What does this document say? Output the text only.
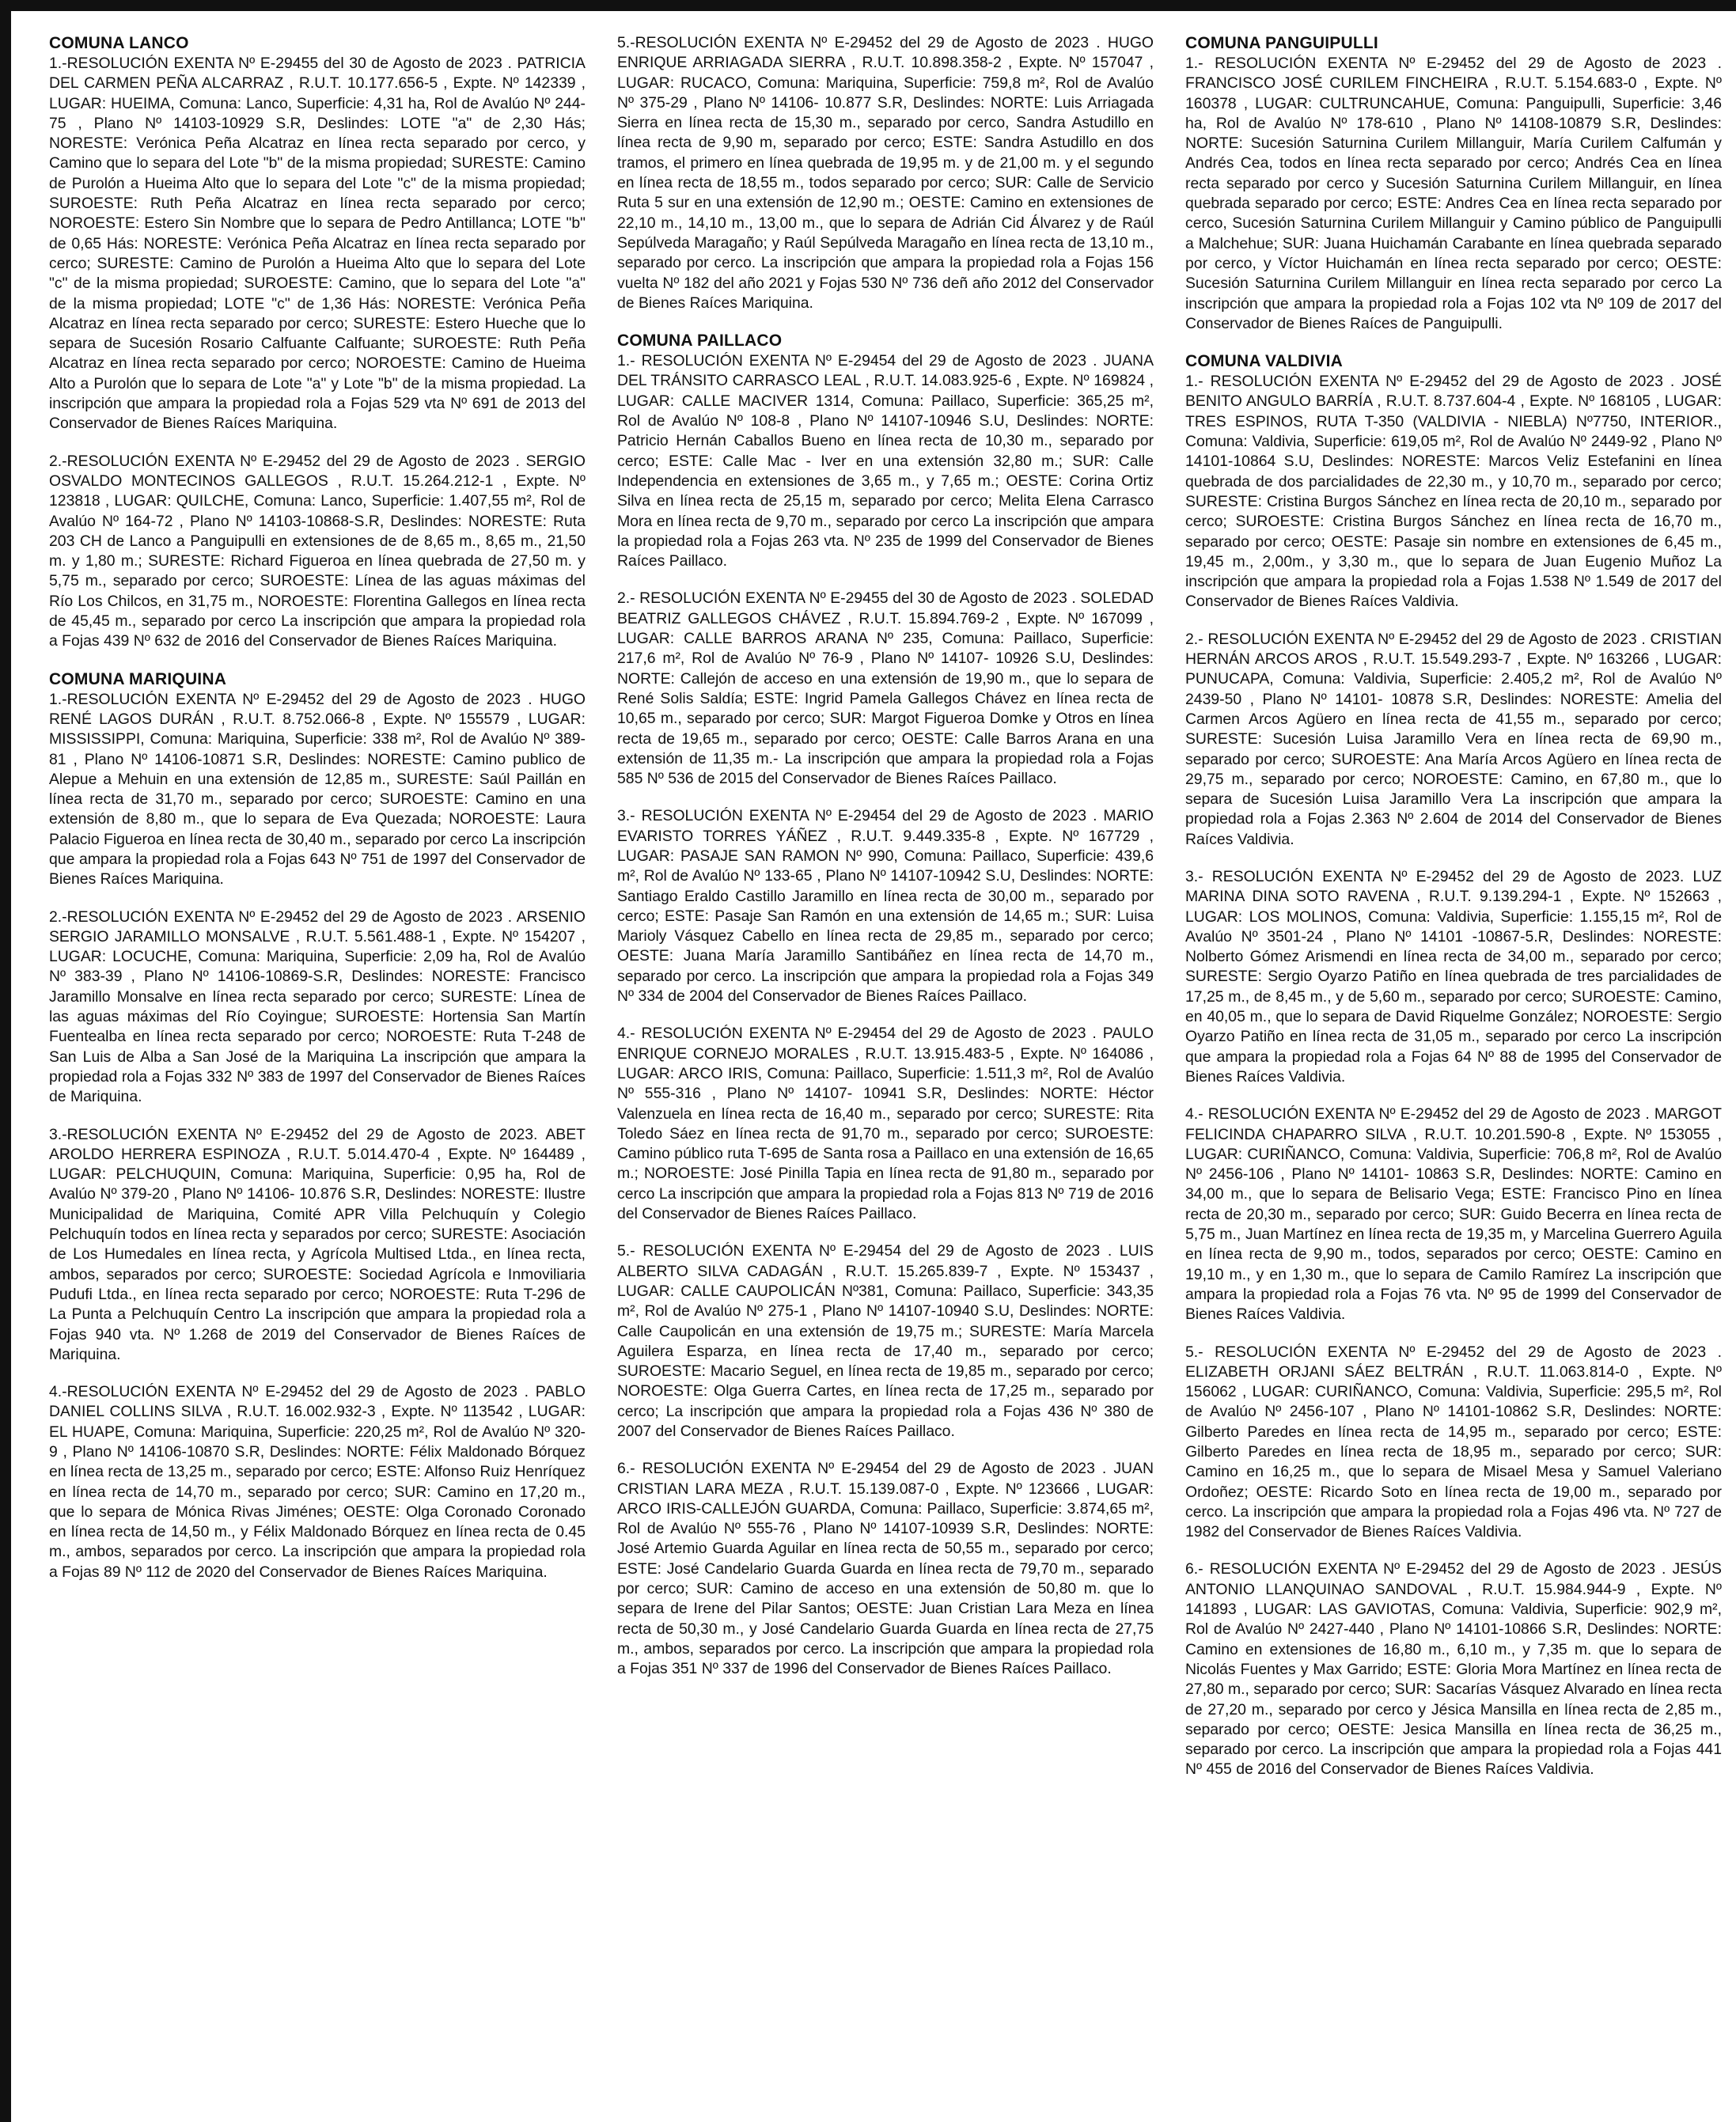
COMUNA LANCO

1.-RESOLUCIÓN EXENTA Nº E-29455 del 30 de Agosto de 2023 . PATRICIA DEL CARMEN PEÑA ALCARRAZ , R.U.T. 10.177.656-5 , Expte. Nº 142339 , LUGAR: HUEIMA, Comuna: Lanco, Superficie: 4,31 ha, Rol de Avalúo Nº 244-75 , Plano Nº 14103-10929 S.R, Deslindes: LOTE "a" de 2,30 Hás; NORESTE: Verónica Peña Alcatraz en línea recta separado por cerco, y Camino que lo separa del Lote "b" de la misma propiedad; SURESTE: Camino de Purolón a Hueima Alto que lo separa del Lote "c" de la misma propiedad; SUROESTE: Ruth Peña Alcatraz en línea recta separado por cerco; NOROESTE: Estero Sin Nombre que lo separa de Pedro Antillanca; LOTE "b" de 0,65 Hás: NORESTE: Verónica Peña Alcatraz en línea recta separado por cerco; SURESTE: Camino de Purolón a Hueima Alto que lo separa del Lote "c" de la misma propiedad; SUROESTE: Camino, que lo separa del Lote "a" de la misma propiedad; LOTE "c" de 1,36 Hás: NORESTE: Verónica Peña Alcatraz en línea recta separado por cerco; SURESTE: Estero Hueche que lo separa de Sucesión Rosario Calfuante Calfuante; SUROESTE: Ruth Peña Alcatraz en línea recta separado por cerco; NOROESTE: Camino de Hueima Alto a Purolón que lo separa de Lote "a" y Lote "b" de la misma propiedad. La inscripción que ampara la propiedad rola a Fojas 529 vta Nº 691 de 2013 del Conservador de Bienes Raíces Mariquina.

2.-RESOLUCIÓN EXENTA Nº E-29452 del 29 de Agosto de 2023 . SERGIO OSVALDO MONTECINOS GALLEGOS , R.U.T. 15.264.212-1 , Expte. Nº 123818 , LUGAR: QUILCHE, Comuna: Lanco, Superficie: 1.407,55 m², Rol de Avalúo Nº 164-72 , Plano Nº 14103-10868-S.R, Deslindes: NORESTE: Ruta 203 CH de Lanco a Panguipulli en extensiones de de 8,65 m., 8,65 m., 21,50 m. y 1,80 m.; SURESTE: Richard Figueroa en línea quebrada de 27,50 m. y 5,75 m., separado por cerco; SUROESTE: Línea de las aguas máximas del Río Los Chilcos, en 31,75 m., NOROESTE: Florentina Gallegos en línea recta de 45,45 m., separado por cerco La inscripción que ampara la propiedad rola a Fojas 439 Nº 632 de 2016 del Conservador de Bienes Raíces Mariquina.

COMUNA MARIQUINA

1.-RESOLUCIÓN EXENTA Nº E-29452 del 29 de Agosto de 2023 . HUGO RENÉ LAGOS DURÁN , R.U.T. 8.752.066-8 , Expte. Nº 155579 , LUGAR: MISSISSIPPI, Comuna: Mariquina, Superficie: 338 m², Rol de Avalúo Nº 389-81 , Plano Nº 14106-10871 S.R, Deslindes: NORESTE: Camino publico de Alepue a Mehuin en una extensión de 12,85 m., SURESTE: Saúl Paillán en línea recta de 31,70 m., separado por cerco; SUROESTE: Camino en una extensión de 8,80 m., que lo separa de Eva Quezada; NOROESTE: Laura Palacio Figueroa en línea recta de 30,40 m., separado por cerco La inscripción que ampara la propiedad rola a Fojas 643 Nº 751 de 1997 del Conservador de Bienes Raíces Mariquina.

2.-RESOLUCIÓN EXENTA Nº E-29452 del 29 de Agosto de 2023 . ARSENIO SERGIO JARAMILLO MONSALVE , R.U.T. 5.561.488-1 , Expte. Nº 154207 , LUGAR: LOCUCHE, Comuna: Mariquina, Superficie: 2,09 ha, Rol de Avalúo Nº 383-39 , Plano Nº 14106-10869-S.R, Deslindes: NORESTE: Francisco Jaramillo Monsalve en línea recta separado por cerco; SURESTE: Línea de las aguas máximas del Río Coyingue; SUROESTE: Hortensia San Martín Fuentealba en línea recta separado por cerco; NOROESTE: Ruta T-248 de San Luis de Alba a San José de la Mariquina La inscripción que ampara la propiedad rola a Fojas 332 Nº 383 de 1997 del Conservador de Bienes Raíces de Mariquina.

3.-RESOLUCIÓN EXENTA Nº E-29452 del 29 de Agosto de 2023. ABET AROLDO HERRERA ESPINOZA , R.U.T. 5.014.470-4 , Expte. Nº 164489 , LUGAR: PELCHUQUIN, Comuna: Mariquina, Superficie: 0,95 ha, Rol de Avalúo Nº 379-20 , Plano Nº 14106- 10.876 S.R, Deslindes: NORESTE: Ilustre Municipalidad de Mariquina, Comité APR Villa Pelchuquín y Colegio Pelchuquín todos en línea recta y separados por cerco; SURESTE: Asociación de Los Humedales en línea recta, y Agrícola Multised Ltda., en línea recta, ambos, separados por cerco; SUROESTE: Sociedad Agrícola e Inmoviliaria Pudufi Ltda., en línea recta separado por cerco; NOROESTE: Ruta T-296 de La Punta a Pelchuquín Centro La inscripción que ampara la propiedad rola a Fojas 940 vta. Nº 1.268 de 2019 del Conservador de Bienes Raíces de Mariquina.

4.-RESOLUCIÓN EXENTA Nº E-29452 del 29 de Agosto de 2023 . PABLO DANIEL COLLINS SILVA , R.U.T. 16.002.932-3 , Expte. Nº 113542 , LUGAR: EL HUAPE, Comuna: Mariquina, Superficie: 220,25 m², Rol de Avalúo Nº 320-9 , Plano Nº 14106-10870 S.R, Deslindes: NORTE: Félix Maldonado Bórquez en línea recta de 13,25 m., separado por cerco; ESTE: Alfonso Ruiz Henríquez en línea recta de 14,70 m., separado por cerco; SUR: Camino en 17,20 m., que lo separa de Mónica Rivas Jiménes; OESTE: Olga Coronado Coronado en línea recta de 14,50 m., y Félix Maldonado Bórquez en línea recta de 0.45 m., ambos, separados por cerco. La inscripción que ampara la propiedad rola a Fojas 89 Nº 112 de 2020 del Conservador de Bienes Raíces Mariquina.

5.-RESOLUCIÓN EXENTA Nº E-29452 del 29 de Agosto de 2023 . HUGO ENRIQUE ARRIAGADA SIERRA , R.U.T. 10.898.358-2 , Expte. Nº 157047 , LUGAR: RUCACO, Comuna: Mariquina, Superficie: 759,8 m², Rol de Avalúo Nº 375-29 , Plano Nº 14106- 10.877 S.R, Deslindes: NORTE: Luis Arriagada Sierra en línea recta de 15,30 m., separado por cerco, Sandra Astudillo en línea recta de 9,90 m, separado por cerco; ESTE: Sandra Astudillo en dos tramos, el primero en línea quebrada de 19,95 m. y de 21,00 m. y el segundo en línea recta de 18,55 m., todos separado por cerco; SUR: Calle de Servicio Ruta 5 sur en una extensión de 12,90 m.; OESTE: Camino en extensiones de 22,10 m., 14,10 m., 13,00 m., que lo separa de Adrián Cid Álvarez y de Raúl Sepúlveda Maragaño; y Raúl Sepúlveda Maragaño en línea recta de 13,10 m., separado por cerco. La inscripción que ampara la propiedad rola a Fojas 156 vuelta Nº 182 del año 2021 y Fojas 530 Nº 736 deñ año 2012 del Conservador de Bienes Raíces Mariquina.

COMUNA PAILLACO

1.- RESOLUCIÓN EXENTA Nº E-29454 del 29 de Agosto de 2023 . JUANA DEL TRÁNSITO CARRASCO LEAL , R.U.T. 14.083.925-6 , Expte. Nº 169824 , LUGAR: CALLE MACIVER 1314, Comuna: Paillaco, Superficie: 365,25 m², Rol de Avalúo Nº 108-8 , Plano Nº 14107-10946 S.U, Deslindes: NORTE: Patricio Hernán Caballos Bueno en línea recta de 10,30 m., separado por cerco; ESTE: Calle Mac - Iver en una extensión 32,80 m.; SUR: Calle Independencia en extensiones de 3,65 m., y 7,65 m.; OESTE: Corina Ortiz Silva en línea recta de 25,15 m, separado por cerco; Melita Elena Carrasco Mora en línea recta de 9,70 m., separado por cerco La inscripción que ampara la propiedad rola a Fojas 263 vta. Nº 235 de 1999 del Conservador de Bienes Raíces Paillaco.

2.- RESOLUCIÓN EXENTA Nº E-29455 del 30 de Agosto de 2023 . SOLEDAD BEATRIZ GALLEGOS CHÁVEZ , R.U.T. 15.894.769-2 , Expte. Nº 167099 , LUGAR: CALLE BARROS ARANA Nº 235, Comuna: Paillaco, Superficie: 217,6 m², Rol de Avalúo Nº 76-9 , Plano Nº 14107- 10926 S.U, Deslindes: NORTE: Callejón de acceso en una extensión de 19,90 m., que lo separa de René Solis Saldía; ESTE: Ingrid Pamela Gallegos Chávez en línea recta de 10,65 m., separado por cerco; SUR: Margot Figueroa Domke y Otros en línea recta de 19,65 m., separado por cerco; OESTE: Calle Barros Arana en una extensión de 11,35 m.- La inscripción que ampara la propiedad rola a Fojas 585 Nº 536 de 2015 del Conservador de Bienes Raíces Paillaco.

3.- RESOLUCIÓN EXENTA Nº E-29454 del 29 de Agosto de 2023 . MARIO EVARISTO TORRES YÁÑEZ , R.U.T. 9.449.335-8 , Expte. Nº 167729 , LUGAR: PASAJE SAN RAMON Nº 990, Comuna: Paillaco, Superficie: 439,6 m², Rol de Avalúo Nº 133-65 , Plano Nº 14107-10942 S.U, Deslindes: NORTE: Santiago Eraldo Castillo Jaramillo en línea recta de 30,00 m., separado por cerco; ESTE: Pasaje San Ramón en una extensión de 14,65 m.; SUR: Luisa Marioly Vásquez Cabello en línea recta de 29,85 m., separado por cerco; OESTE: Juana María Jaramillo Santibáñez en línea recta de 14,70 m., separado por cerco. La inscripción que ampara la propiedad rola a Fojas 349 Nº 334 de 2004 del Conservador de Bienes Raíces Paillaco.

4.- RESOLUCIÓN EXENTA Nº E-29454 del 29 de Agosto de 2023 . PAULO ENRIQUE CORNEJO MORALES , R.U.T. 13.915.483-5 , Expte. Nº 164086 , LUGAR: ARCO IRIS, Comuna: Paillaco, Superficie: 1.511,3 m², Rol de Avalúo Nº 555-316 , Plano Nº 14107- 10941 S.R, Deslindes: NORTE: Héctor Valenzuela en línea recta de 16,40 m., separado por cerco; SURESTE: Rita Toledo Sáez en línea recta de 91,70 m., separado por cerco; SUROESTE: Camino público ruta T-695 de Santa rosa a Paillaco en una extensión de 16,65 m.; NOROESTE: José Pinilla Tapia en línea recta de 91,80 m., separado por cerco La inscripción que ampara la propiedad rola a Fojas 813 Nº 719 de 2016 del Conservador de Bienes Raíces Paillaco.

5.- RESOLUCIÓN EXENTA Nº E-29454 del 29 de Agosto de 2023 . LUIS ALBERTO SILVA CADAGÁN , R.U.T. 15.265.839-7 , Expte. Nº 153437 , LUGAR: CALLE CAUPOLICÁN Nº381, Comuna: Paillaco, Superficie: 343,35 m², Rol de Avalúo Nº 275-1 , Plano Nº 14107-10940 S.U, Deslindes: NORTE: Calle Caupolicán en una extensión de 19,75 m.; SURESTE: María Marcela Aguilera Esparza, en línea recta de 17,40 m., separado por cerco; SUROESTE: Macario Seguel, en línea recta de 19,85 m., separado por cerco; NOROESTE: Olga Guerra Cartes, en línea recta de 17,25 m., separado por cerco; La inscripción que ampara la propiedad rola a Fojas 436 Nº 380 de 2007 del Conservador de Bienes Raíces Paillaco.

6.- RESOLUCIÓN EXENTA Nº E-29454 del 29 de Agosto de 2023 . JUAN CRISTIAN LARA MEZA , R.U.T. 15.139.087-0 , Expte. Nº 123666 , LUGAR: ARCO IRIS-CALLEJÓN GUARDA, Comuna: Paillaco, Superficie: 3.874,65 m², Rol de Avalúo Nº 555-76 , Plano Nº 14107-10939 S.R, Deslindes: NORTE: José Artemio Guarda Aguilar en línea recta de 50,55 m., separado por cerco; ESTE: José Candelario Guarda Guarda en línea recta de 79,70 m., separado por cerco; SUR: Camino de acceso en una extensión de 50,80 m. que lo separa de Irene del Pilar Santos; OESTE: Juan Cristian Lara Meza en línea recta de 50,30 m., y José Candelario Guarda Guarda en línea recta de 27,75 m., ambos, separados por cerco. La inscripción que ampara la propiedad rola a Fojas 351 Nº 337 de 1996 del Conservador de Bienes Raíces Paillaco.

COMUNA PANGUIPULLI

1.- RESOLUCIÓN EXENTA Nº E-29452 del 29 de Agosto de 2023 . FRANCISCO JOSÉ CURILEM FINCHEIRA , R.U.T. 5.154.683-0 , Expte. Nº 160378 , LUGAR: CULTRUNCAHUE, Comuna: Panguipulli, Superficie: 3,46 ha, Rol de Avalúo Nº 178-610 , Plano Nº 14108-10879 S.R, Deslindes: NORTE: Sucesión Saturnina Curilem Millanguir, María Curilem Calfumán y Andrés Cea, todos en línea recta separado por cerco; Andrés Cea en línea recta separado por cerco y Sucesión Saturnina Curilem Millanguir, en línea quebrada separado por cerco; ESTE: Andres Cea en línea recta separado por cerco, Sucesión Saturnina Curilem Millanguir y Camino público de Panguipulli a Malchehue; SUR: Juana Huichamán Carabante en línea quebrada separado por cerco, y Víctor Huichamán en línea recta separado por cerco; OESTE: Sucesión Saturnina Curilem Millanguir en línea recta separado por cerco La inscripción que ampara la propiedad rola a Fojas 102 vta Nº 109 de 2017 del Conservador de Bienes Raíces de Panguipulli.

COMUNA VALDIVIA

1.- RESOLUCIÓN EXENTA Nº E-29452 del 29 de Agosto de 2023 . JOSÉ BENITO ANGULO BARRÍA , R.U.T. 8.737.604-4 , Expte. Nº 168105 , LUGAR: TRES ESPINOS, RUTA T-350 (VALDIVIA - NIEBLA) Nº7750, INTERIOR., Comuna: Valdivia, Superficie: 619,05 m², Rol de Avalúo Nº 2449-92 , Plano Nº 14101-10864 S.U, Deslindes: NORESTE: Marcos Veliz Estefanini en línea quebrada de dos parcialidades de 22,30 m., y 10,70 m., separado por cerco; SURESTE: Cristina Burgos Sánchez en línea recta de 20,10 m., separado por cerco; SUROESTE: Cristina Burgos Sánchez en línea recta de 16,70 m., separado por cerco; OESTE: Pasaje sin nombre en extensiones de 6,45 m., 19,45 m., 2,00m., y 3,30 m., que lo separa de Juan Eugenio Muñoz La inscripción que ampara la propiedad rola a Fojas 1.538 Nº 1.549 de 2017 del Conservador de Bienes Raíces Valdivia.

2.- RESOLUCIÓN EXENTA Nº E-29452 del 29 de Agosto de 2023 . CRISTIAN HERNÁN ARCOS AROS , R.U.T. 15.549.293-7 , Expte. Nº 163266 , LUGAR: PUNUCAPA, Comuna: Valdivia, Superficie: 2.405,2 m², Rol de Avalúo Nº 2439-50 , Plano Nº 14101- 10878 S.R, Deslindes: NORESTE: Amelia del Carmen Arcos Agüero en línea recta de 41,55 m., separado por cerco; SURESTE: Sucesión Luisa Jaramillo Vera en línea recta de 69,90 m., separado por cerco; SUROESTE: Ana María Arcos Agüero en línea recta de 29,75 m., separado por cerco; NOROESTE: Camino, en 67,80 m., que lo separa de Sucesión Luisa Jaramillo Vera La inscripción que ampara la propiedad rola a Fojas 2.363 Nº 2.604 de 2014 del Conservador de Bienes Raíces Valdivia.

3.- RESOLUCIÓN EXENTA Nº E-29452 del 29 de Agosto de 2023. LUZ MARINA DINA SOTO RAVENA , R.U.T. 9.139.294-1 , Expte. Nº 152663 , LUGAR: LOS MOLINOS, Comuna: Valdivia, Superficie: 1.155,15 m², Rol de Avalúo Nº 3501-24 , Plano Nº 14101 -10867-5.R, Deslindes: NORESTE: Nolberto Gómez Arismendi en línea recta de 34,00 m., separado por cerco; SURESTE: Sergio Oyarzo Patiño en línea quebrada de tres parcialidades de 17,25 m., de 8,45 m., y de 5,60 m., separado por cerco; SUROESTE: Camino, en 40,05 m., que lo separa de David Riquelme González; NOROESTE: Sergio Oyarzo Patiño en línea recta de 31,05 m., separado por cerco La inscripción que ampara la propiedad rola a Fojas 64 Nº 88 de 1995 del Conservador de Bienes Raíces Valdivia.

4.- RESOLUCIÓN EXENTA Nº E-29452 del 29 de Agosto de 2023 . MARGOT FELICINDA CHAPARRO SILVA , R.U.T. 10.201.590-8 , Expte. Nº 153055 , LUGAR: CURIÑANCO, Comuna: Valdivia, Superficie: 706,8 m², Rol de Avalúo Nº 2456-106 , Plano Nº 14101- 10863 S.R, Deslindes: NORTE: Camino en 34,00 m., que lo separa de Belisario Vega; ESTE: Francisco Pino en línea recta de 20,30 m., separado por cerco; SUR: Guido Becerra en línea recta de 5,75 m., Juan Martínez en línea recta de 19,35 m, y Marcelina Guerrero Aguila en línea recta de 9,90 m., todos, separados por cerco; OESTE: Camino en 19,10 m., y en 1,30 m., que lo separa de Camilo Ramírez La inscripción que ampara la propiedad rola a Fojas 76 vta. Nº 95 de 1999 del Conservador de Bienes Raíces Valdivia.

5.- RESOLUCIÓN EXENTA Nº E-29452 del 29 de Agosto de 2023 . ELIZABETH ORJANI SÁEZ BELTRÁN , R.U.T. 11.063.814-0 , Expte. Nº 156062 , LUGAR: CURIÑANCO, Comuna: Valdivia, Superficie: 295,5 m², Rol de Avalúo Nº 2456-107 , Plano Nº 14101-10862 S.R, Deslindes: NORTE: Gilberto Paredes en línea recta de 14,95 m., separado por cerco; ESTE: Gilberto Paredes en línea recta de 18,95 m., separado por cerco; SUR: Camino en 16,25 m., que lo separa de Misael Mesa y Samuel Valeriano Ordoñez; OESTE: Ricardo Soto en línea recta de 19,00 m., separado por cerco. La inscripción que ampara la propiedad rola a Fojas 496 vta. Nº 727 de 1982 del Conservador de Bienes Raíces Valdivia.

6.- RESOLUCIÓN EXENTA Nº E-29452 del 29 de Agosto de 2023 . JESÚS ANTONIO LLANQUINAO SANDOVAL , R.U.T. 15.984.944-9 , Expte. Nº 141893 , LUGAR: LAS GAVIOTAS, Comuna: Valdivia, Superficie: 902,9 m², Rol de Avalúo Nº 2427-440 , Plano Nº 14101-10866 S.R, Deslindes: NORTE: Camino en extensiones de 16,80 m., 6,10 m., y 7,35 m. que lo separa de Nicolás Fuentes y Max Garrido; ESTE: Gloria Mora Martínez en línea recta de 27,80 m., separado por cerco; SUR: Sacarías Vásquez Alvarado en línea recta de 27,20 m., separado por cerco y Jésica Mansilla en línea recta de 2,85 m., separado por cerco; OESTE: Jesica Mansilla en línea recta de 36,25 m., separado por cerco. La inscripción que ampara la propiedad rola a Fojas 441 Nº 455 de 2016 del Conservador de Bienes Raíces Valdivia.
